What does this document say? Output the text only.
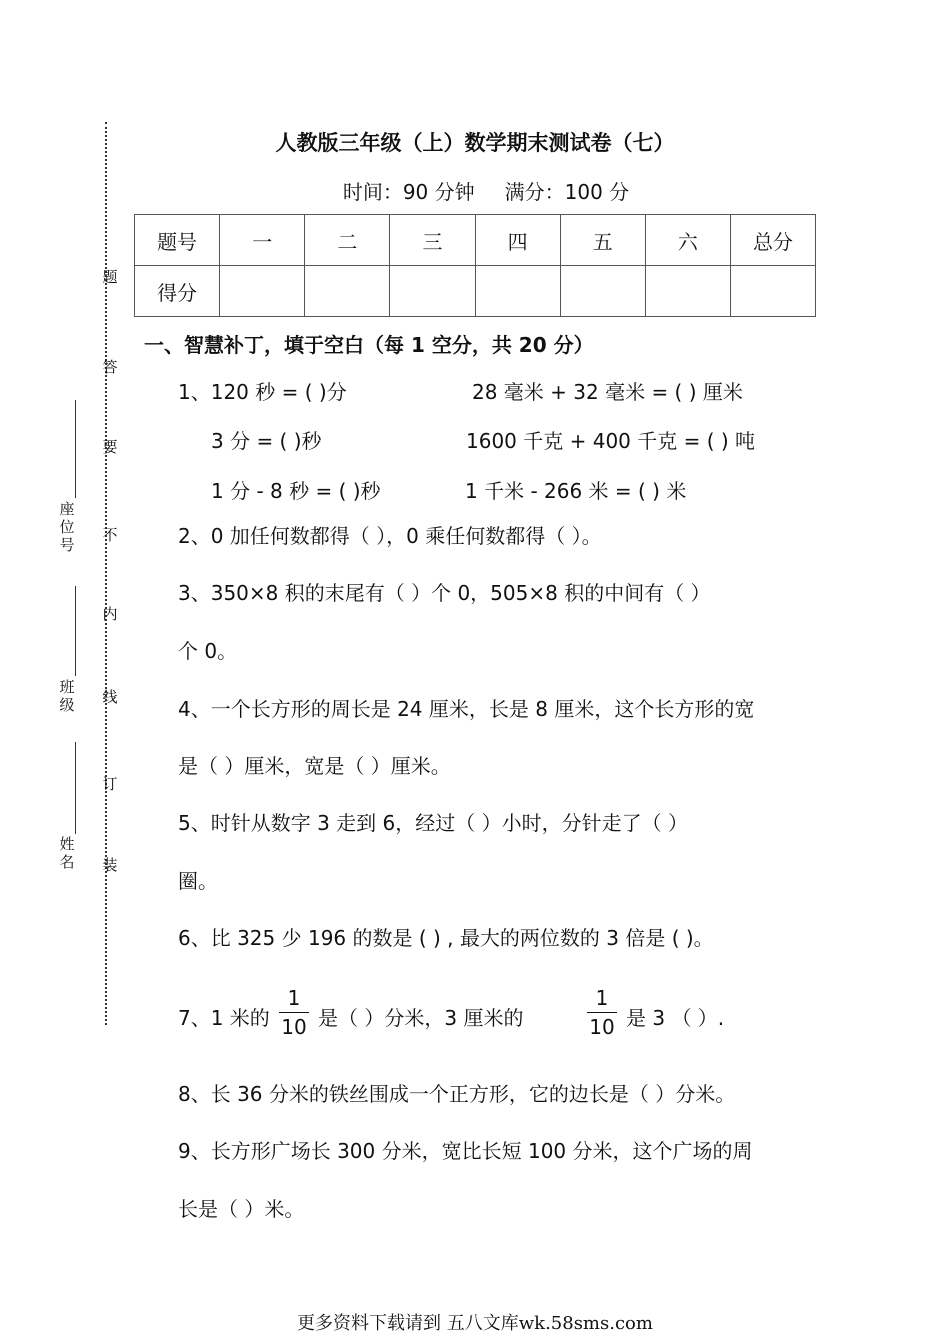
题
答
要
不
内
线
订
装
座位号
班级
姓名
人教版三年级（上）数学期末测试卷（七）
时间：90 分钟 满分：100 分
题号	一	二	三	四	五	六	总分
得分							
一、智慧补丁，填于空白（每 1 空分，共 20 分）
1、120 秒 = ( )分	28 毫米 + 32 毫米 = ( ) 厘米
3 分 = ( )秒	1600 千克 + 400 千克 = ( ) 吨
1 分 - 8 秒 = ( )秒	1 千米 - 266 米 = ( ) 米
2、0 加任何数都得（ ），0 乘任何数都得（ ）。
3、350×8 积的末尾有（ ）个 0，505×8 积的中间有（ ）
个 0。
4、一个长方形的周长是 24 厘米，长是 8 厘米，这个长方形的宽
是（ ）厘米，宽是（ ）厘米。
5、时针从数字 3 走到 6，经过（ ）小时，分针走了（ ）
圈。
6、比 325 少 196 的数是 ( ) , 最大的两位数的 3 倍是 ( )。
7、1 米的
1
10 是（ ）分米，3 厘米的
1
10 是 3 （ ）.
8、长 36 分米的铁丝围成一个正方形，它的边长是（ ）分米。
9、长方形广场长 300 分米，宽比长短 100 分米，这个广场的周
长是（ ）米。
更多资料下载请到 五八文库wk.58sms.com
